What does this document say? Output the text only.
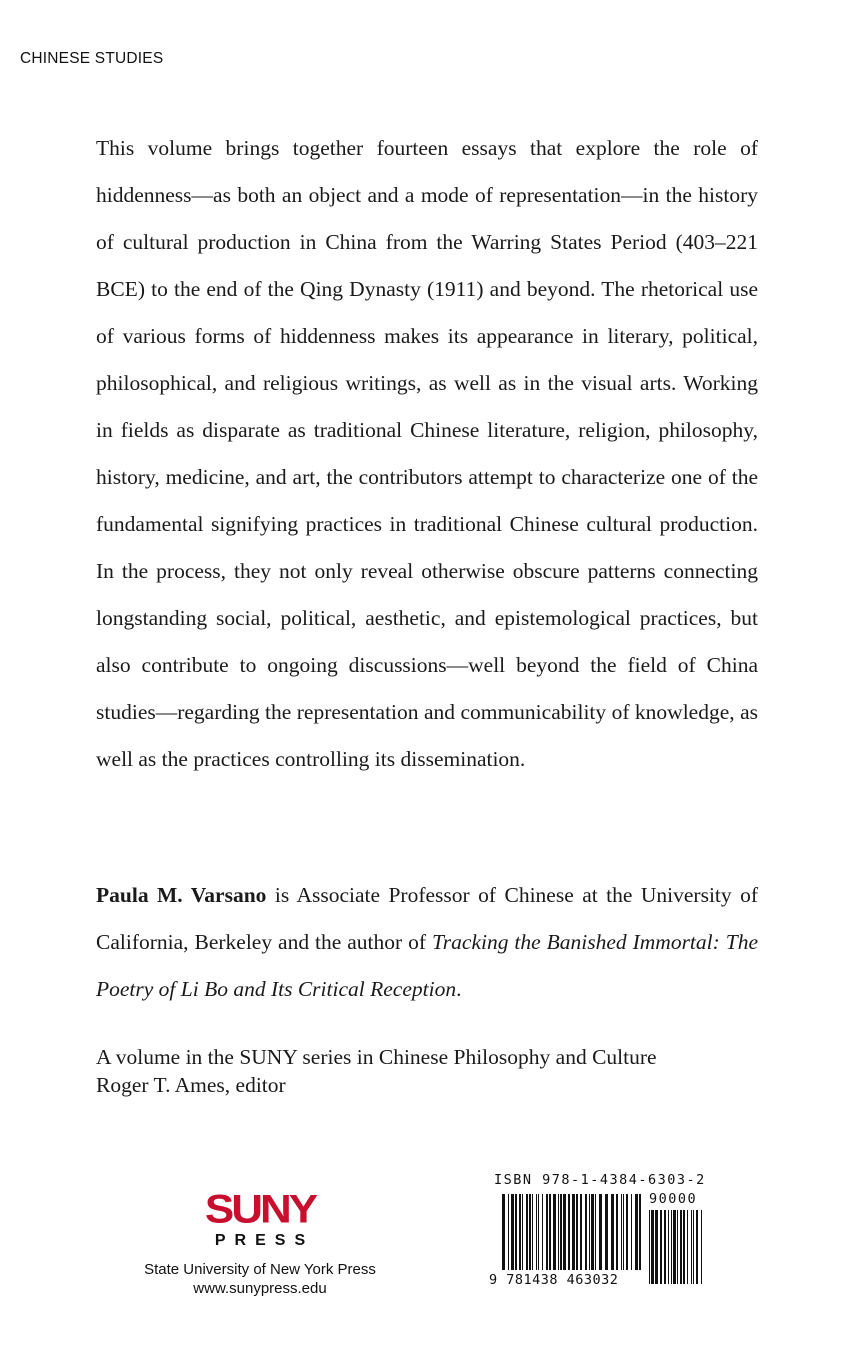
CHINESE STUDIES

This volume brings together fourteen essays that explore the role of hiddenness—as both an object and a mode of representation—in the history of cultural production in China from the Warring States Period (403–221 BCE) to the end of the Qing Dynasty (1911) and beyond. The rhetorical use of various forms of hiddenness makes its appearance in literary, political, philosophical, and religious writings, as well as in the visual arts. Working in fields as disparate as traditional Chinese literature, religion, philosophy, history, medicine, and art, the contributors attempt to characterize one of the fundamental signifying practices in traditional Chinese cultural production. In the process, they not only reveal otherwise obscure patterns connecting longstanding social, political, aesthetic, and epistemological practices, but also contribute to ongoing discussions—well beyond the field of China studies—regarding the representation and communicability of knowledge, as well as the practices controlling its dissemination.

Paula M. Varsano is Associate Professor of Chinese at the University of California, Berkeley and the author of Tracking the Banished Immortal: The Poetry of Li Bo and Its Critical Reception.

A volume in the SUNY series in Chinese Philosophy and Culture
Roger T. Ames, editor
SUNY
PRESS
State University of New York Press
www.sunypress.edu
ISBN 978-1-4384-6303-2
90000
9 781438 463032
